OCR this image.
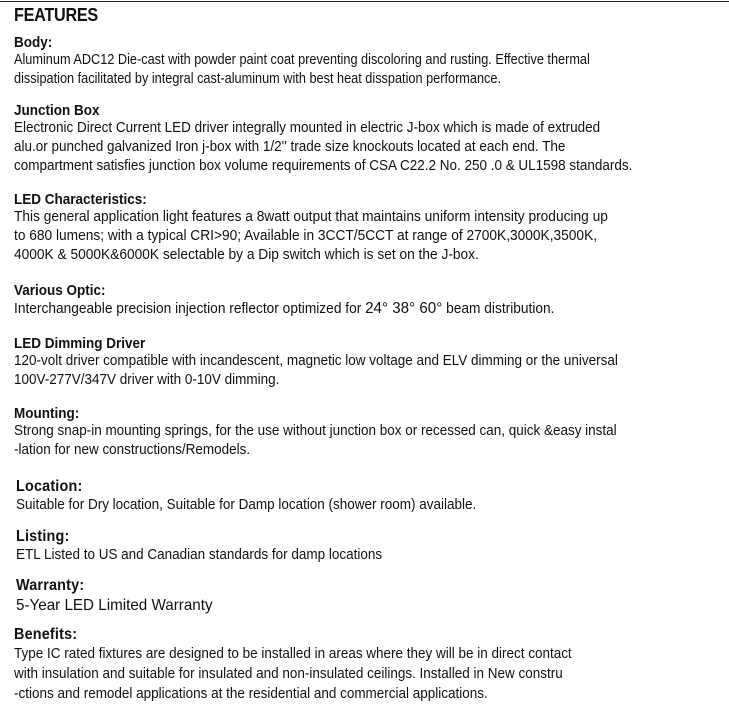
FEATURES
Body:
Aluminum ADC12 Die-cast with powder paint coat preventing discoloring and rusting. Effective thermal
dissipation facilitated by integral cast-aluminum with best heat disspation performance.
Junction Box
Electronic Direct Current LED driver integrally mounted in electric J-box which is made of extruded
alu.or punched galvanized Iron j-box with 1/2'' trade size knockouts located at each end. The
compartment satisfies junction box volume requirements of CSA C22.2 No. 250 .0 & UL1598 standards.
LED Characteristics:
This general application light features a 8watt output that maintains uniform intensity producing up
to 680 lumens; with a typical CRI>90; Available in 3CCT/5CCT at range of 2700K,3000K,3500K,
4000K & 5000K&6000K selectable by a Dip switch which is set on the J-box.
Various Optic:
Interchangeable precision injection reflector optimized for 24° 38° 60° beam distribution.
LED Dimming Driver
120-volt driver compatible with incandescent, magnetic low voltage and ELV dimming or the universal
100V-277V/347V driver with 0-10V dimming.
Mounting:
Strong snap-in mounting springs, for the use without junction box or recessed can, quick &easy instal
-lation for new constructions/Remodels.
Location:
Suitable for Dry location, Suitable for Damp location (shower room) available.
Listing:
ETL Listed to US and Canadian standards for damp locations
Warranty:
5-Year LED Limited Warranty
Benefits:
Type IC rated fixtures are designed to be installed in areas where they will be in direct contact
with insulation and suitable for insulated and non-insulated ceilings. Installed in New constru
-ctions and remodel applications at the residential and commercial applications.
